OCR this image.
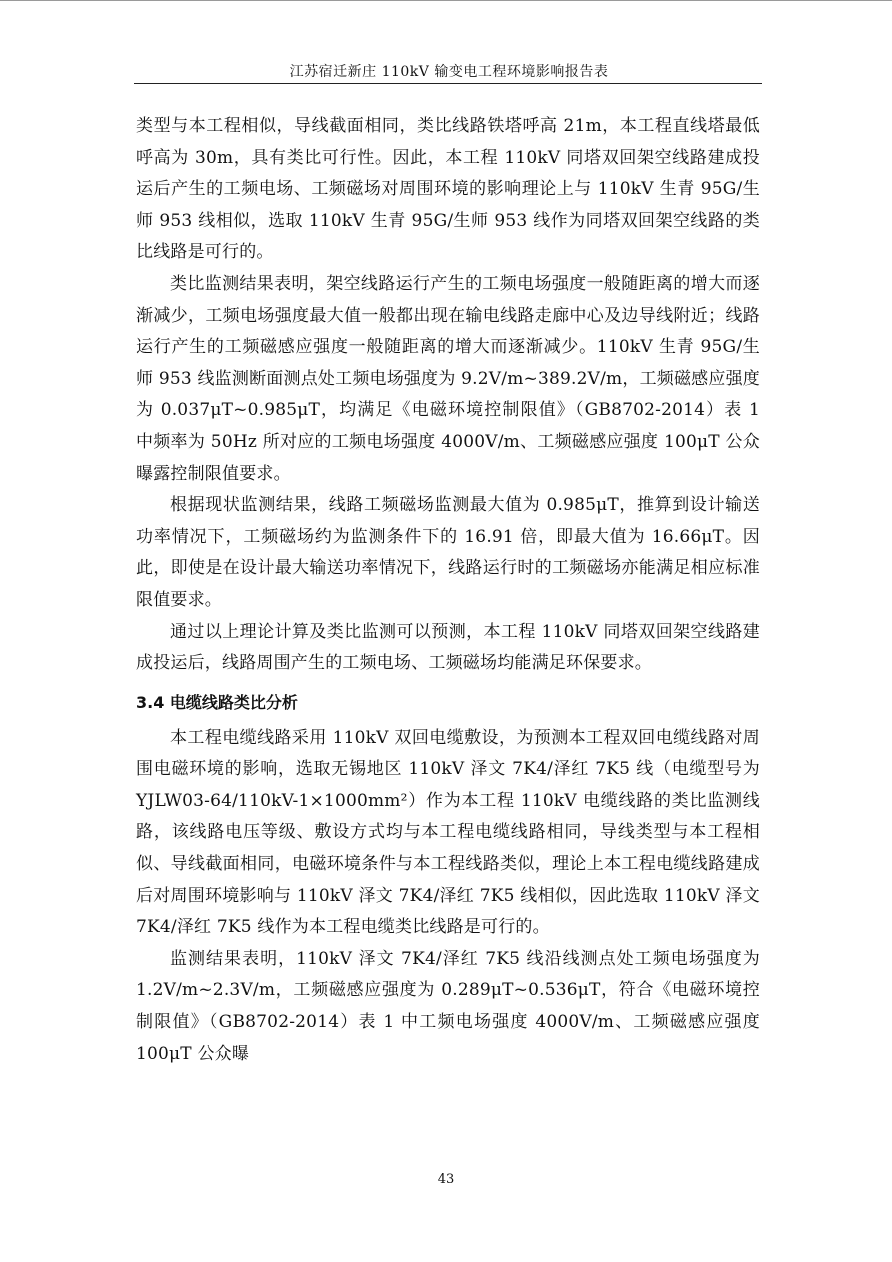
江苏宿迁新庄 110kV 输变电工程环境影响报告表

类型与本工程相似，导线截面相同，类比线路铁塔呼高 21m，本工程直线塔最低呼高为 30m，具有类比可行性。因此，本工程 110kV 同塔双回架空线路建成投运后产生的工频电场、工频磁场对周围环境的影响理论上与 110kV 生青 95G/生师 953 线相似，选取 110kV 生青 95G/生师 953 线作为同塔双回架空线路的类比线路是可行的。

类比监测结果表明，架空线路运行产生的工频电场强度一般随距离的增大而逐渐减少，工频电场强度最大值一般都出现在输电线路走廊中心及边导线附近；线路运行产生的工频磁感应强度一般随距离的增大而逐渐减少。110kV 生青 95G/生师 953 线监测断面测点处工频电场强度为 9.2V/m~389.2V/m，工频磁感应强度为 0.037μT~0.985μT，均满足《电磁环境控制限值》（GB8702-2014）表 1 中频率为 50Hz 所对应的工频电场强度 4000V/m、工频磁感应强度 100μT 公众曝露控制限值要求。

根据现状监测结果，线路工频磁场监测最大值为 0.985μT，推算到设计输送功率情况下，工频磁场约为监测条件下的 16.91 倍，即最大值为 16.66μT。因此，即使是在设计最大输送功率情况下，线路运行时的工频磁场亦能满足相应标准限值要求。

通过以上理论计算及类比监测可以预测，本工程 110kV 同塔双回架空线路建成投运后，线路周围产生的工频电场、工频磁场均能满足环保要求。

3.4 电缆线路类比分析

本工程电缆线路采用 110kV 双回电缆敷设，为预测本工程双回电缆线路对周围电磁环境的影响，选取无锡地区 110kV 泽文 7K4/泽红 7K5 线（电缆型号为 YJLW03-64/110kV-1×1000mm²）作为本工程 110kV 电缆线路的类比监测线路，该线路电压等级、敷设方式均与本工程电缆线路相同，导线类型与本工程相似、导线截面相同，电磁环境条件与本工程线路类似，理论上本工程电缆线路建成后对周围环境影响与 110kV 泽文 7K4/泽红 7K5 线相似，因此选取 110kV 泽文 7K4/泽红 7K5 线作为本工程电缆类比线路是可行的。

监测结果表明，110kV 泽文 7K4/泽红 7K5 线沿线测点处工频电场强度为 1.2V/m~2.3V/m，工频磁感应强度为 0.289μT~0.536μT，符合《电磁环境控制限值》（GB8702-2014）表 1 中工频电场强度 4000V/m、工频磁感应强度 100μT 公众曝

43
